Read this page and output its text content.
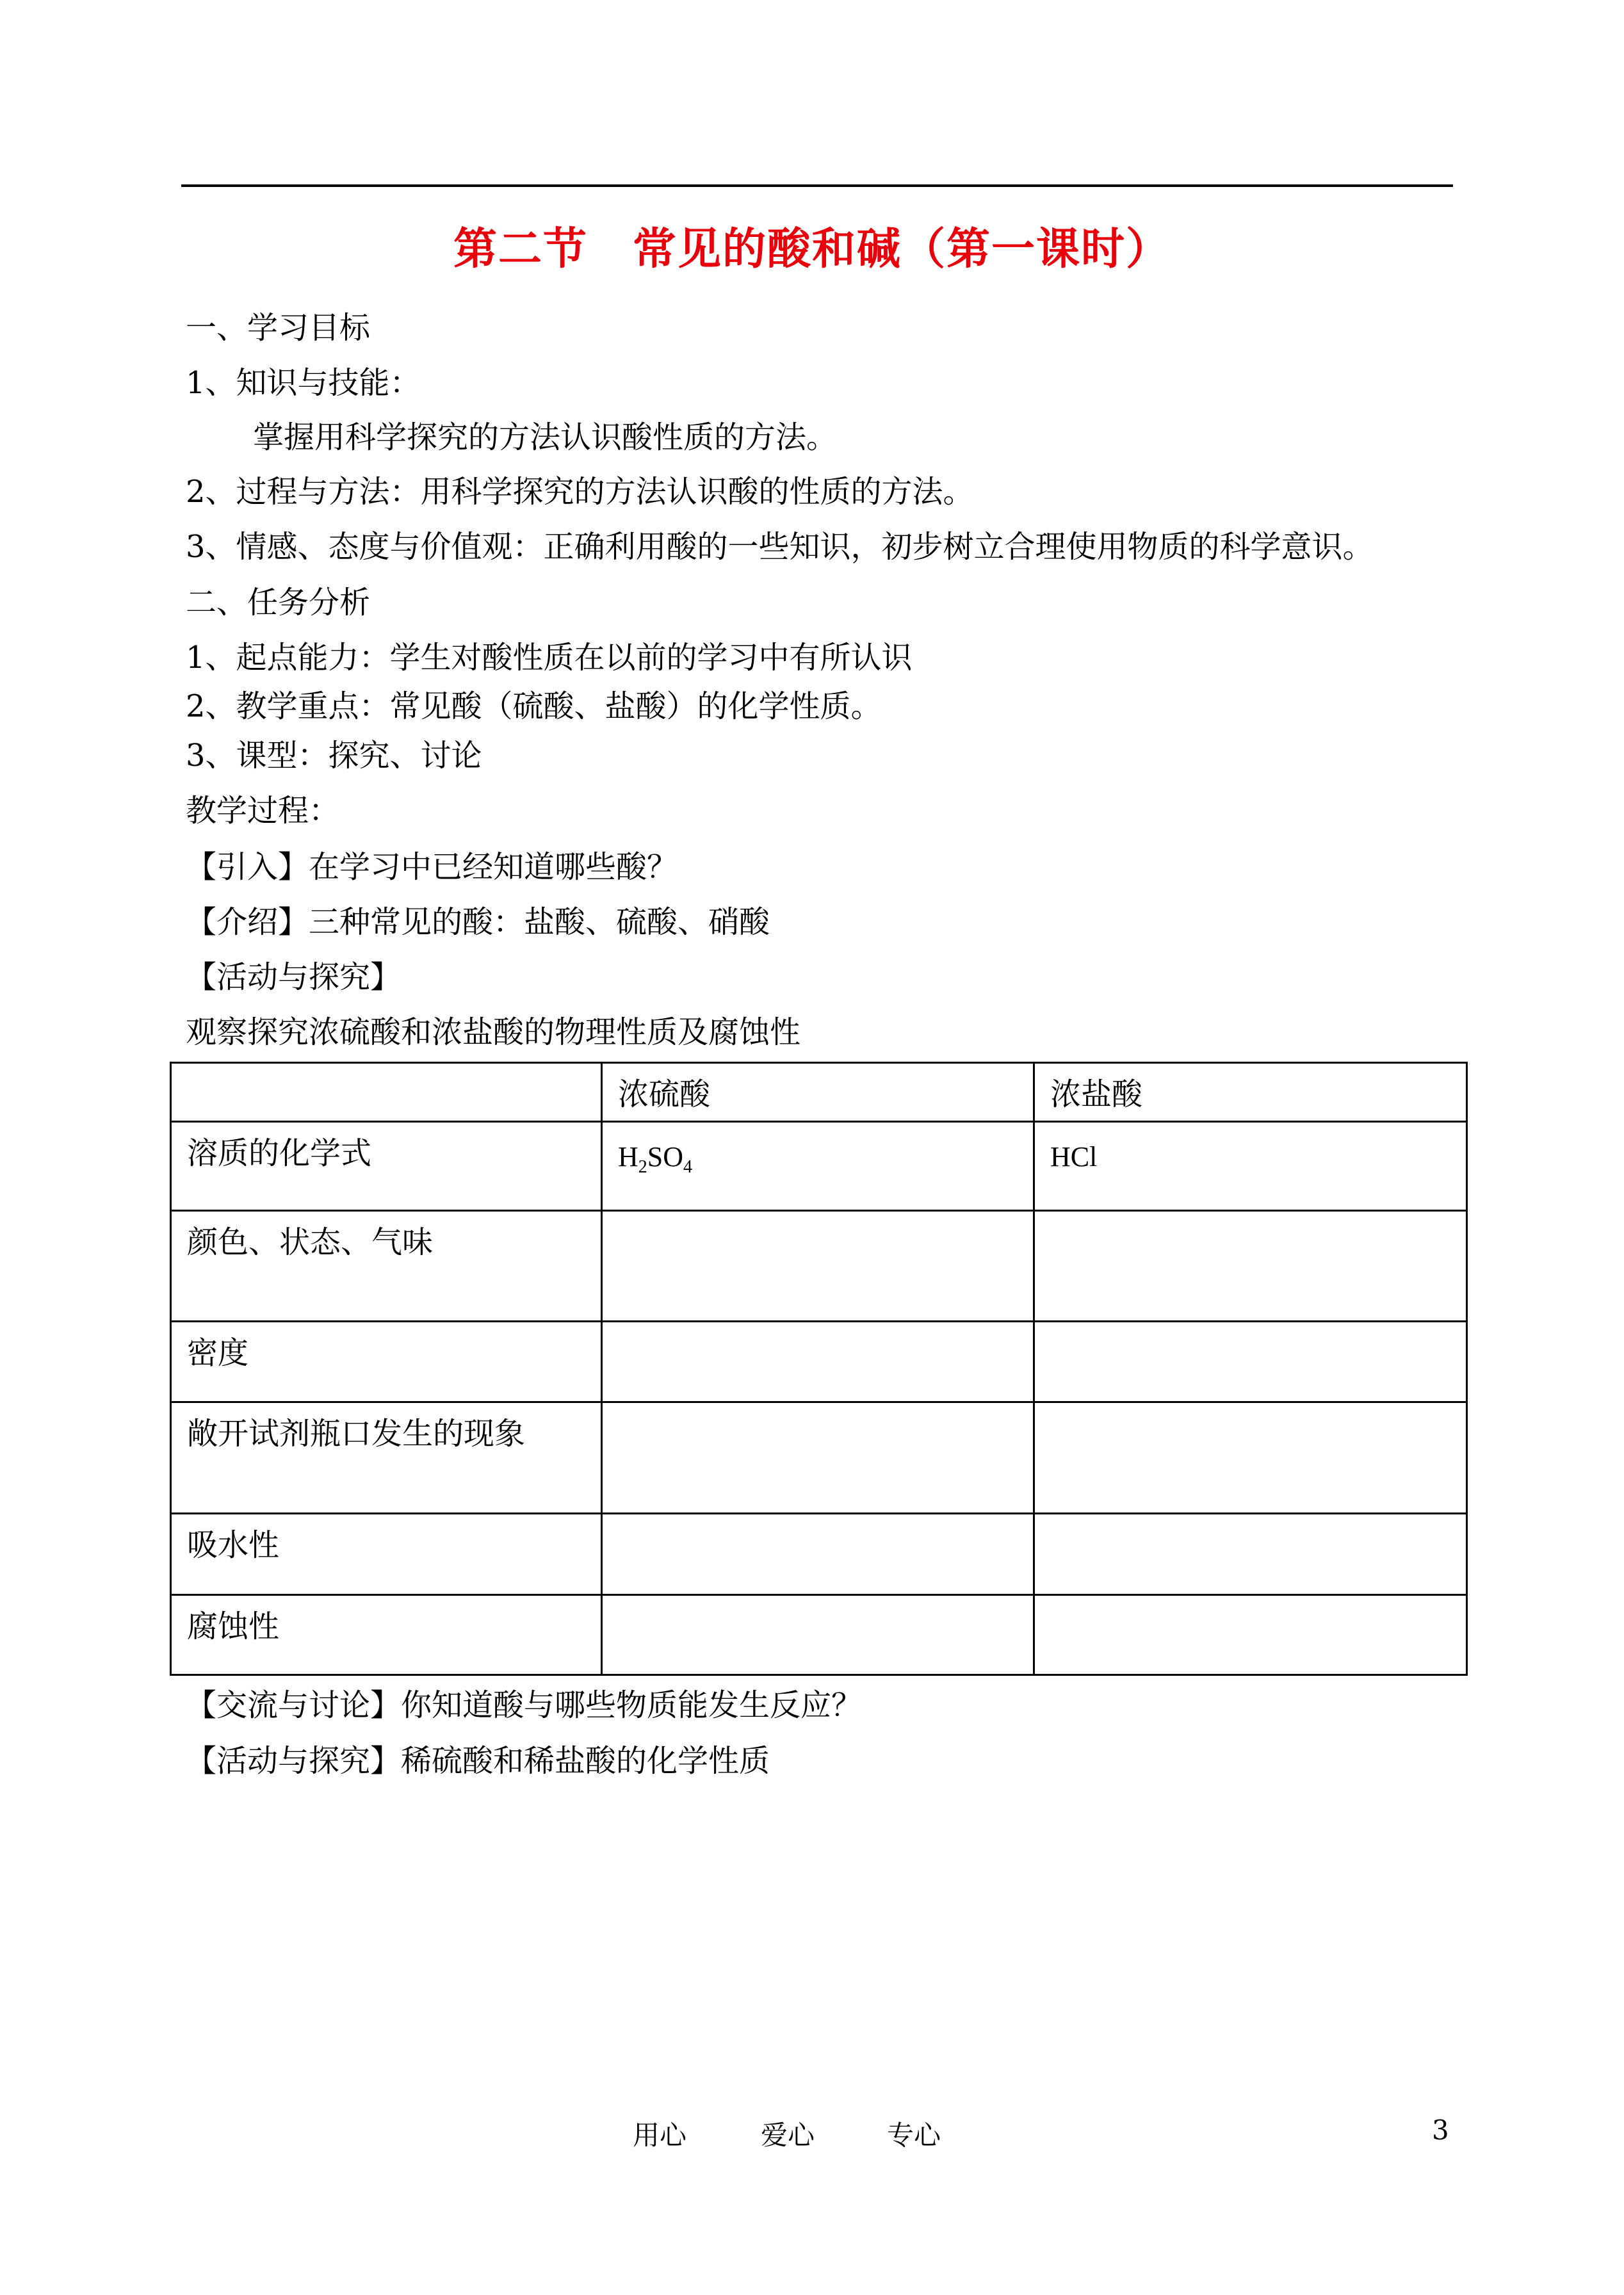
第二节　常见的酸和碱（第一课时）
一、学习目标
1、知识与技能：
掌握用科学探究的方法认识酸性质的方法。
2、过程与方法：用科学探究的方法认识酸的性质的方法。
3、情感、态度与价值观：正确利用酸的一些知识，初步树立合理使用物质的科学意识。
二、任务分析
1、起点能力：学生对酸性质在以前的学习中有所认识
2、教学重点：常见酸（硫酸、盐酸）的化学性质。
3、课型：探究、讨论
教学过程：
【引入】在学习中已经知道哪些酸？
【介绍】三种常见的酸：盐酸、硫酸、硝酸
【活动与探究】
观察探究浓硫酸和浓盐酸的物理性质及腐蚀性
	浓硫酸	浓盐酸
溶质的化学式	$H_2SO_4$	HCl
颜色、状态、气味		
密度		
敞开试剂瓶口发生的现象		
吸水性		
腐蚀性		
【交流与讨论】你知道酸与哪些物质能发生反应？
【活动与探究】稀硫酸和稀盐酸的化学性质
用心	爱心	专心	3
